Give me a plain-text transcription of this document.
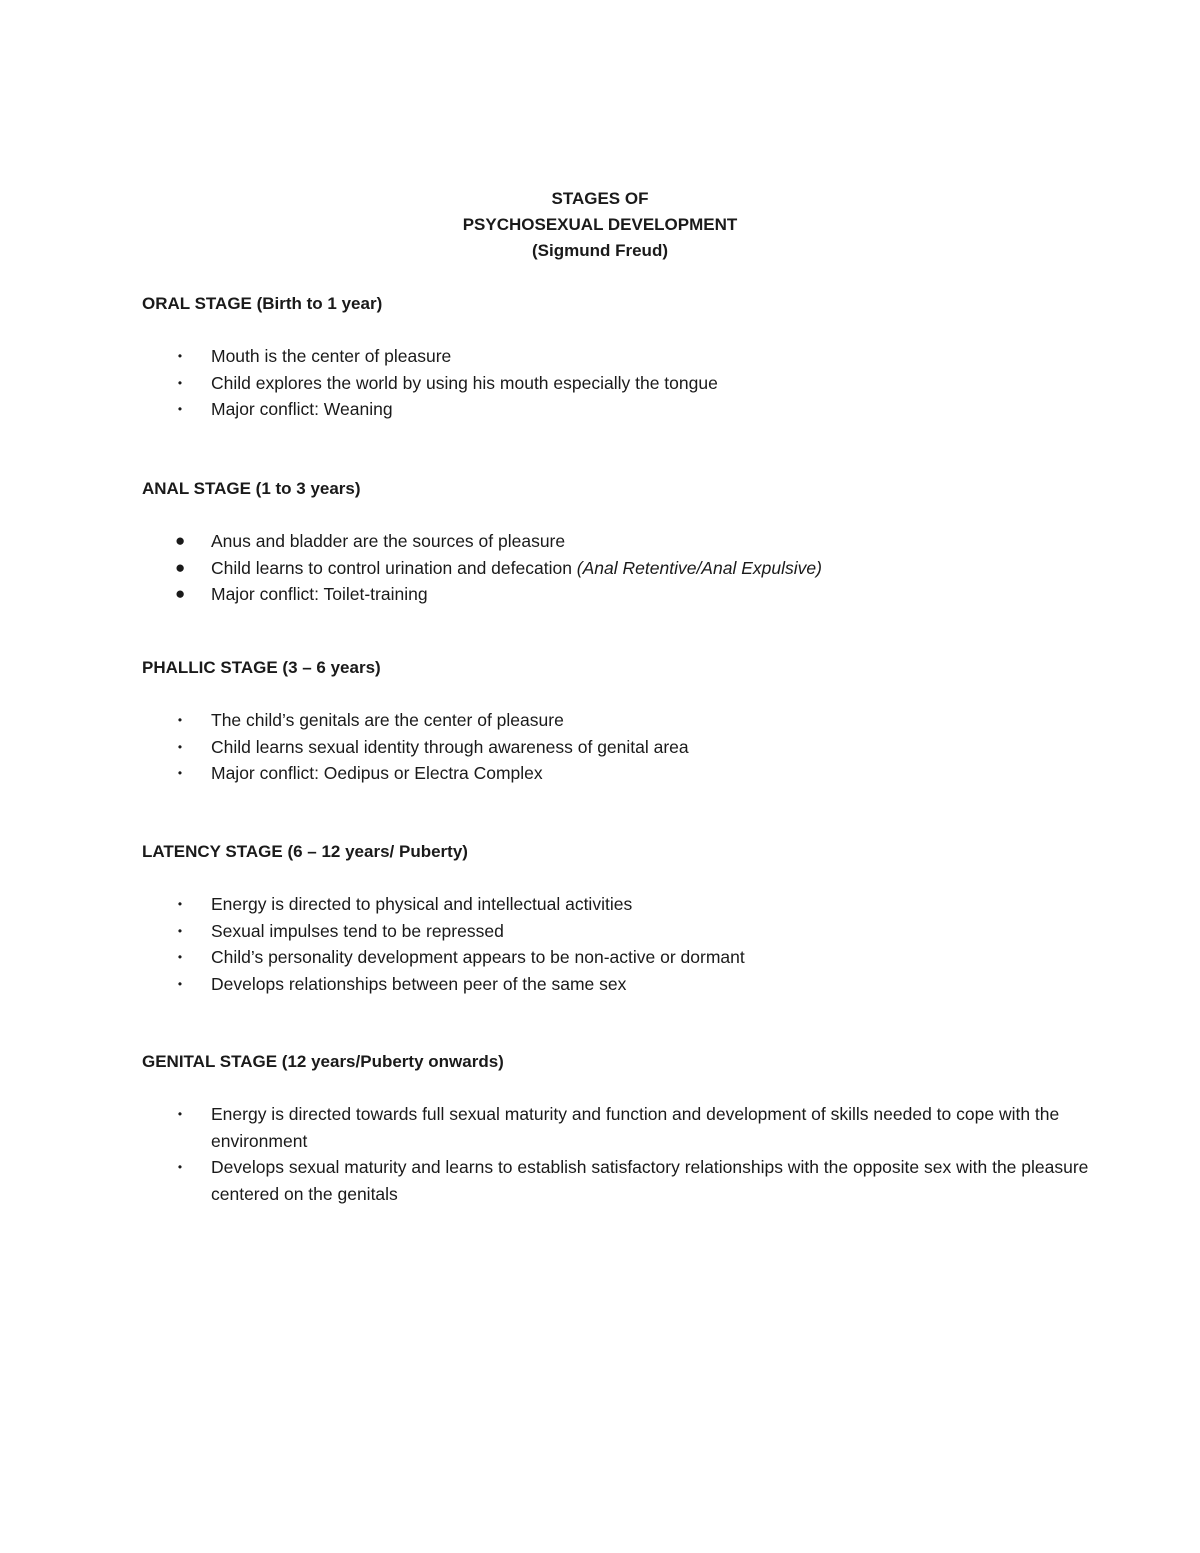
STAGES OF
PSYCHOSEXUAL DEVELOPMENT
(Sigmund Freud)

ORAL STAGE (Birth to 1 year)

• Mouth is the center of pleasure
• Child explores the world by using his mouth especially the tongue
• Major conflict: Weaning

ANAL STAGE (1 to 3 years)

● Anus and bladder are the sources of pleasure
● Child learns to control urination and defecation (Anal Retentive/Anal Expulsive)
● Major conflict: Toilet-training

PHALLIC STAGE (3 – 6 years)

• The child’s genitals are the center of pleasure
• Child learns sexual identity through awareness of genital area
• Major conflict: Oedipus or Electra Complex

LATENCY STAGE (6 – 12 years/ Puberty)

• Energy is directed to physical and intellectual activities
• Sexual impulses tend to be repressed
• Child’s personality development appears to be non-active or dormant
• Develops relationships between peer of the same sex

GENITAL STAGE (12 years/Puberty onwards)

• Energy is directed towards full sexual maturity and function and development of skills needed to cope with the environment
• Develops sexual maturity and learns to establish satisfactory relationships with the opposite sex with the pleasure centered on the genitals
